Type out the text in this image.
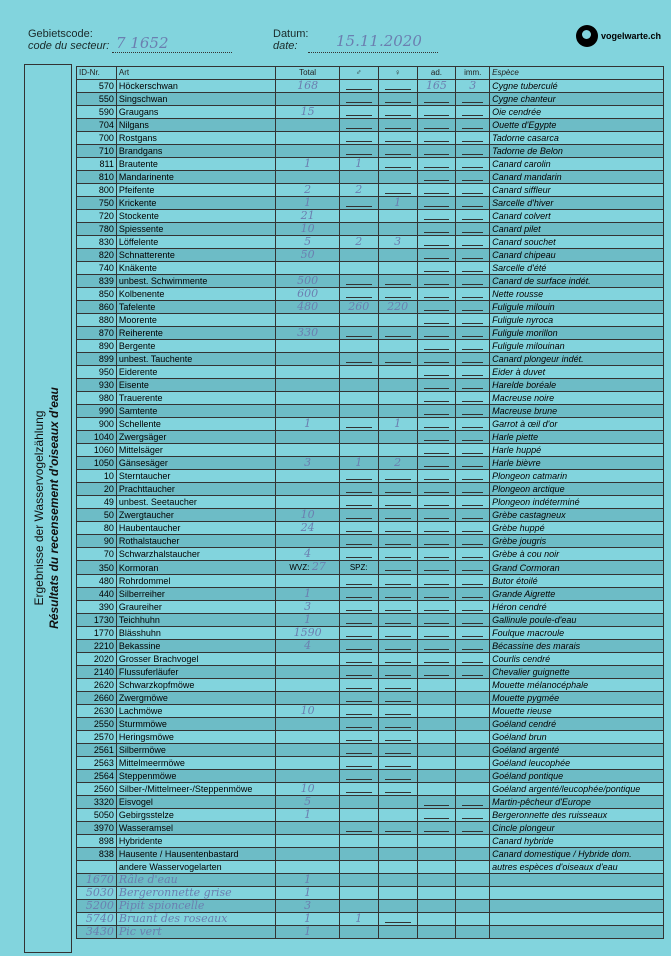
Gebietscode:
code du secteur: 7 1652	Datum:
date:	15.11.2020	vogelwarte.ch
Ergebnisse der Wasservogelzählung Résultats du recensement d'oiseaux d'eau
ID-Nr.	Art	Total	♂	♀	ad.	imm.	Espèce
570	Höckerschwan	168			165	3	Cygne tuberculé
550	Singschwan						Cygne chanteur
590	Graugans	15					Oie cendrée
704	Nilgans						Ouette d'Egypte
700	Rostgans						Tadorne casarca
710	Brandgans						Tadorne de Belon
811	Brautente	1	1				Canard carolin
810	Mandarinente						Canard mandarin
800	Pfeifente	2	2				Canard siffleur
750	Krickente	1		1			Sarcelle d'hiver
720	Stockente	21					Canard colvert
780	Spiessente	10					Canard pilet
830	Löffelente	5	2	3			Canard souchet
820	Schnatterente	50					Canard chipeau
740	Knäkente						Sarcelle d'été
839	unbest. Schwimmente	500					Canard de surface indét.
850	Kolbenente	600					Nette rousse
860	Tafelente	480	260	220			Fuligule milouin
880	Moorente						Fuligule nyroca
870	Reiherente	330					Fuligule morillon
890	Bergente						Fuligule milouinan
899	unbest. Tauchente						Canard plongeur indét.
950	Eiderente						Eider à duvet
930	Eisente						Harelde boréale
980	Trauerente						Macreuse noire
990	Samtente						Macreuse brune
900	Schellente	1		1			Garrot à œil d'or
1040	Zwergsäger						Harle piette
1060	Mittelsäger						Harle huppé
1050	Gänsesäger	3	1	2			Harle bièvre
10	Sterntaucher						Plongeon catmarin
20	Prachttaucher						Plongeon arctique
49	unbest. Seetaucher						Plongeon indéterminé
50	Zwergtaucher	10					Grèbe castagneux
80	Haubentaucher	24					Grèbe huppé
90	Rothalstaucher						Grèbe jougris
70	Schwarzhalstaucher	4					Grèbe à cou noir
350	Kormoran	WVZ: 27	SPZ:				Grand Cormoran
480	Rohrdommel						Butor étoilé
440	Silberreiher	1					Grande Aigrette
390	Graureiher	3					Héron cendré
1730	Teichhuhn	1					Gallinule poule-d'eau
1770	Blässhuhn	1590					Foulque macroule
2210	Bekassine	4					Bécassine des marais
2020	Grosser Brachvogel						Courlis cendré
2140	Flussuferläufer						Chevalier guignette
2620	Schwarzkopfmöwe						Mouette mélanocéphale
2660	Zwergmöwe						Mouette pygmée
2630	Lachmöwe	10					Mouette rieuse
2550	Sturmmöwe						Goéland cendré
2570	Heringsmöwe						Goéland brun
2561	Silbermöwe						Goéland argenté
2563	Mittelmeermöwe						Goéland leucophée
2564	Steppenmöwe						Goéland pontique
2560	Silber-/Mittelmeer-/Steppenmöwe	10					Goéland argenté/leucophée/pontique
3320	Eisvogel	5					Martin-pêcheur d'Europe
5050	Gebirgsstelze	1					Bergeronnette des ruisseaux
3970	Wasseramsel						Cincle plongeur
898	Hybridente						Canard hybride
838	Hausente / Hausentenbastard						Canard domestique / Hybride dom.
	andere Wasservogelarten						autres espèces d'oiseaux d'eau
1670	Râle d'eau	1					
5030	Bergeronnette grise	1					
5200	Pipit spioncelle	3					
5740	Bruant des roseaux	1	1	

3430	Pic vert	1					
